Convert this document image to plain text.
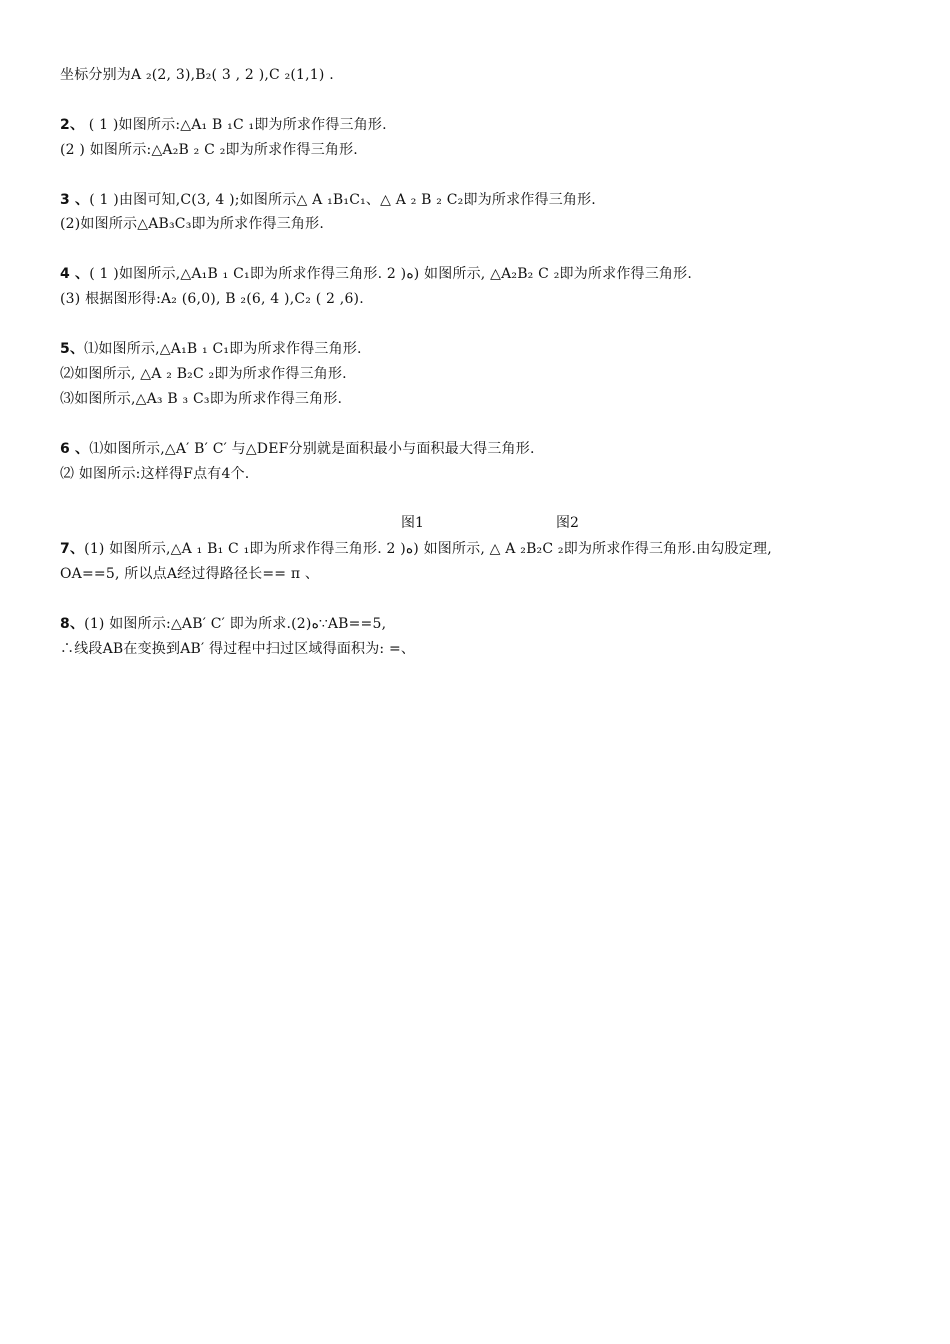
坐标分别为A ₂(2, 3),B₂( 3 , 2 ),C ₂(1,1) .
2、 ( 1 )如图所示:△A₁ B ₁C ₁即为所求作得三角形.
(2 ) 如图所示:△A₂B ₂ C ₂即为所求作得三角形.
3 、( 1 )由图可知,C(3, 4 );如图所示△ A ₁B₁C₁、△ A ₂ B ₂ C₂即为所求作得三角形.
(2)如图所示△AB₃C₃即为所求作得三角形.
4 、( 1 )如图所示,△A₁B ₁ C₁即为所求作得三角形. 2 )ه) 如图所示, △A₂B₂ C ₂即为所求作得三角形.
(3) 根据图形得:A₂ (6,0), B ₂(6, 4 ),C₂ ( 2 ,6).
5、⑴如图所示,△A₁B ₁ C₁即为所求作得三角形.
⑵如图所示, △A ₂ B₂C ₂即为所求作得三角形.
⑶如图所示,△A₃ B ₃ C₃即为所求作得三角形.
6 、⑴如图所示,△A′ B′ C′ 与△DEF分别就是面积最小与面积最大得三角形.
⑵ 如图所示:这样得F点有4个.
图1	图2
7、(1) 如图所示,△A ₁ B₁ C ₁即为所求作得三角形. 2 )ه) 如图所示, △ A ₂B₂C ₂即为所求作得三角形.由勾股定理,
OA==5, 所以点A经过得路径长== π 、
8、(1) 如图所示:△AB′ C′ 即为所求.(2)ه∵AB==5,
∴线段AB在变换到AB′ 得过程中扫过区域得面积为: =、
